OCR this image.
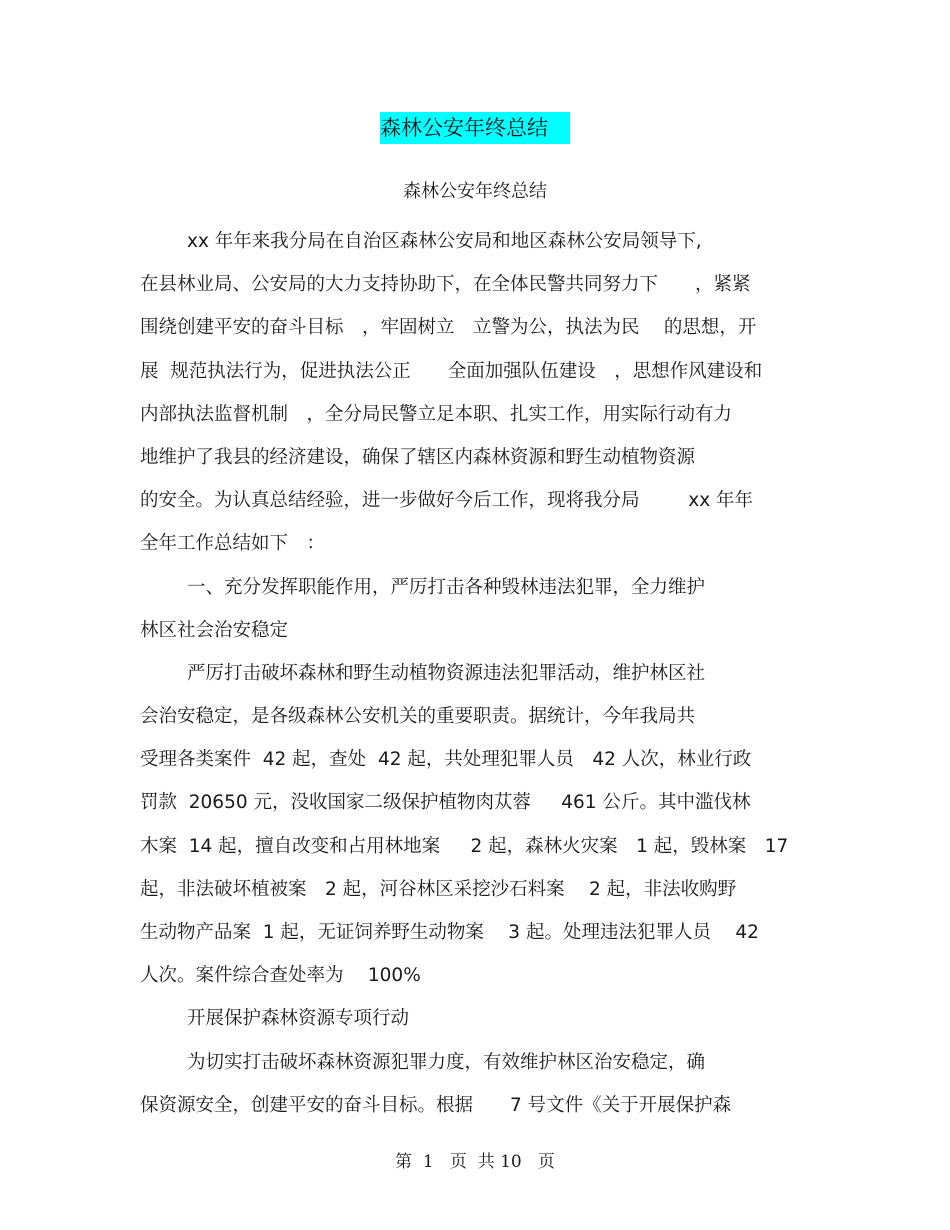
森林公安年终总结
森林公安年终总结
xx 年年来我分局在自治区森林公安局和地区森林公安局领导下,
在县林业局、公安局的大力支持协助下，在全体民警共同努力下　　，紧紧
围绕创建平安的奋斗目标　，牢固树立　立警为公，执法为民　 的思想，开
展  规范执法行为，促进执法公正　　全面加强队伍建设　，思想作风建设和
内部执法监督机制　，全分局民警立足本职、扎实工作，用实际行动有力
地维护了我县的经济建设，确保了辖区内森林资源和野生动植物资源
的安全。为认真总结经验，进一步做好今后工作，现将我分局　　  xx 年年
全年工作总结如下　：
一、充分发挥职能作用，严厉打击各种毁林违法犯罪，全力维护
林区社会治安稳定
严厉打击破坏森林和野生动植物资源违法犯罪活动，维护林区社
会治安稳定，是各级森林公安机关的重要职责。据统计，今年我局共
受理各类案件  42 起，查处  42 起，共处理犯罪人员　42 人次，林业行政
罚款  20650 元，没收国家二级保护植物肉苁蓉　  461 公斤。其中滥伐林
木案  14 起，擅自改变和占用林地案　  2 起，森林火灾案　1 起，毁林案　17
起，非法破坏植被案　2 起，河谷林区采挖沙石料案　 2 起，非法收购野
生动物产品案  1 起，无证饲养野生动物案　 3 起。处理违法犯罪人员　 42
人次。案件综合查处率为　 100%
开展保护森林资源专项行动
为切实打击破坏森林资源犯罪力度，有效维护林区治安稳定，确
保资源安全，创建平安的奋斗目标。根据　　7 号文件《关于开展保护森
第  1   页  共 10   页
